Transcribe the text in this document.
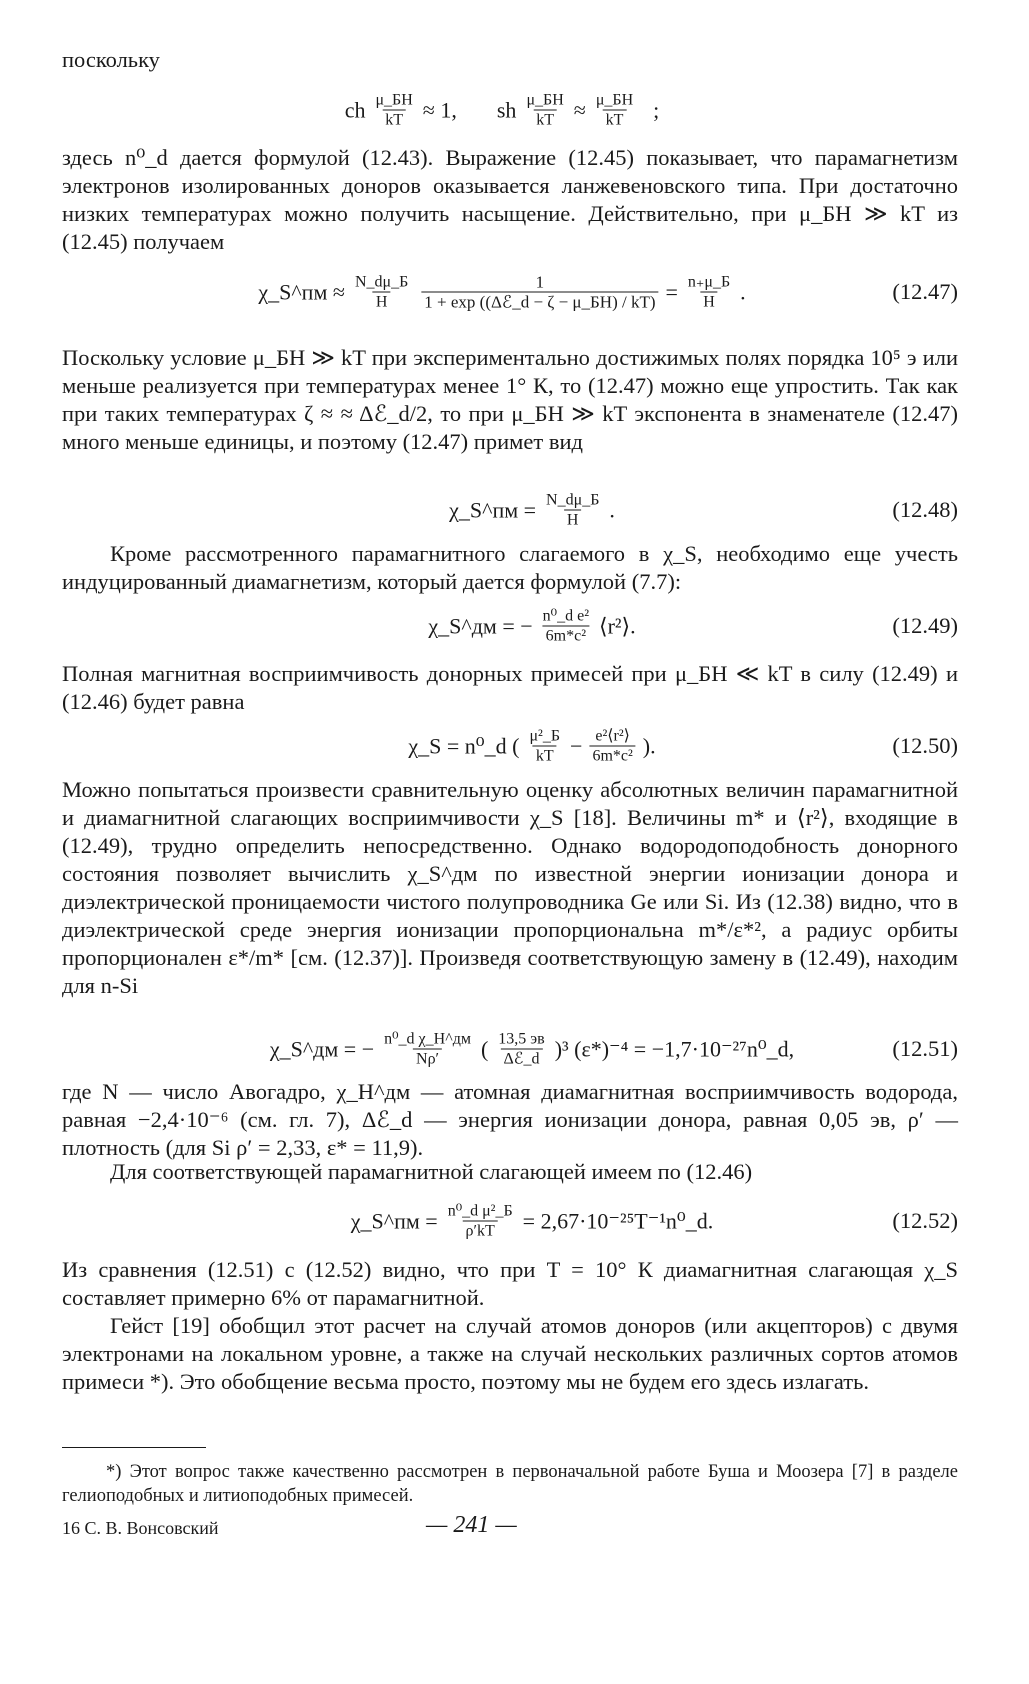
поскольку
ch $\frac{\mu\_БH}{kT} \approx 1$, sh $\frac{\mu\_БH}{kT} \approx \frac{\mu\_БH}{kT}$ ;
здесь n⁰_d дается формулой (12.43). Выражение (12.45) показывает, что парамагнетизм электронов изолированных доноров оказывается ланжевеновского типа. При достаточно низких температурах можно получить насыщение. Действительно, при μ_БH ≫ kT из (12.45) получаем
χ_S^пм ≈ $\frac{N\_d\mu\_Б}{H} \frac{1}{\text{1 + exp ((Δℰ\_d − ζ − μ\_БH) / kT)}} = \frac{n_+\mu\_Б}{H}$ .	(12.47)
Поскольку условие μ_БH ≫ kT при экспериментально достижимых полях порядка 10⁵ э или меньше реализуется при температурах менее 1° К, то (12.47) можно еще упростить. Так как при таких температурах ζ ≈ ≈ Δℰ_d/2, то при μ_БH ≫ kT экспонента в знаменателе (12.47) много меньше единицы, и поэтому (12.47) примет вид
χ_S^пм = $\frac{N\_d\mu\_Б}{H}$ .	(12.48)
Кроме рассмотренного парамагнитного слагаемого в χ_S, необходимо еще учесть индуцированный диамагнетизм, который дается формулой (7.7):
χ_S^дм = − $\frac{\text{n⁰\_d e²}}{\text{6m*c²}}$ ⟨r²⟩.	(12.49)
Полная магнитная восприимчивость донорных примесей при μ_БH ≪ kT в силу (12.49) и (12.46) будет равна
χ_S = n⁰_d ( $\frac{\text{μ²\_Б}}{kT} - \frac{\text{e²⟨r²⟩}}{\text{6m*c²}}$ ).	(12.50)
Можно попытаться произвести сравнительную оценку абсолютных величин парамагнитной и диамагнитной слагающих восприимчивости χ_S [18]. Величины m* и ⟨r²⟩, входящие в (12.49), трудно определить непосредственно. Однако водородоподобность донорного состояния позволяет вычислить χ_S^дм по известной энергии ионизации донора и диэлектрической проницаемости чистого полупроводника Ge или Si. Из (12.38) видно, что в диэлектрической среде энергия ионизации пропорциональна m*/ε*², а радиус орбиты пропорционален ε*/m* [см. (12.37)]. Произведя соответствующую замену в (12.49), находим для n-Si
χ_S^дм = − $\frac{\text{n⁰\_d χ\_H\textasciicircum{}дм}}{N\rho'}$ ( $\frac{13,5 эв}{\text{Δℰ\_d}} )^3$ (ε*)⁻⁴ = −1,7·10⁻²⁷n⁰_d,	(12.51)
где N — число Авогадро, χ_H^дм — атомная диамагнитная восприимчивость водорода, равная −2,4·10⁻⁶ (см. гл. 7), Δℰ_d — энергия ионизации донора, равная 0,05 эв, ρ′ — плотность (для Si ρ′ = 2,33, ε* = 11,9).
Для соответствующей парамагнитной слагающей имеем по (12.46)
χ_S^пм = $\frac{\text{n⁰\_d μ²\_Б}}{\rho'kT}$ = 2,67·10⁻²⁵T⁻¹n⁰_d.	(12.52)
Из сравнения (12.51) с (12.52) видно, что при T = 10° К диамагнитная слагающая χ_S составляет примерно 6% от парамагнитной.
Гейст [19] обобщил этот расчет на случай атомов доноров (или акцепторов) с двумя электронами на локальном уровне, а также на случай нескольких различных сортов атомов примеси *). Это обобщение весьма просто, поэтому мы не будем его здесь излагать.
*) Этот вопрос также качественно рассмотрен в первоначальной работе Буша и Моозера [7] в разделе гелиоподобных и литиоподобных примесей.
16 С. В. Вонсовский	— 241 —
